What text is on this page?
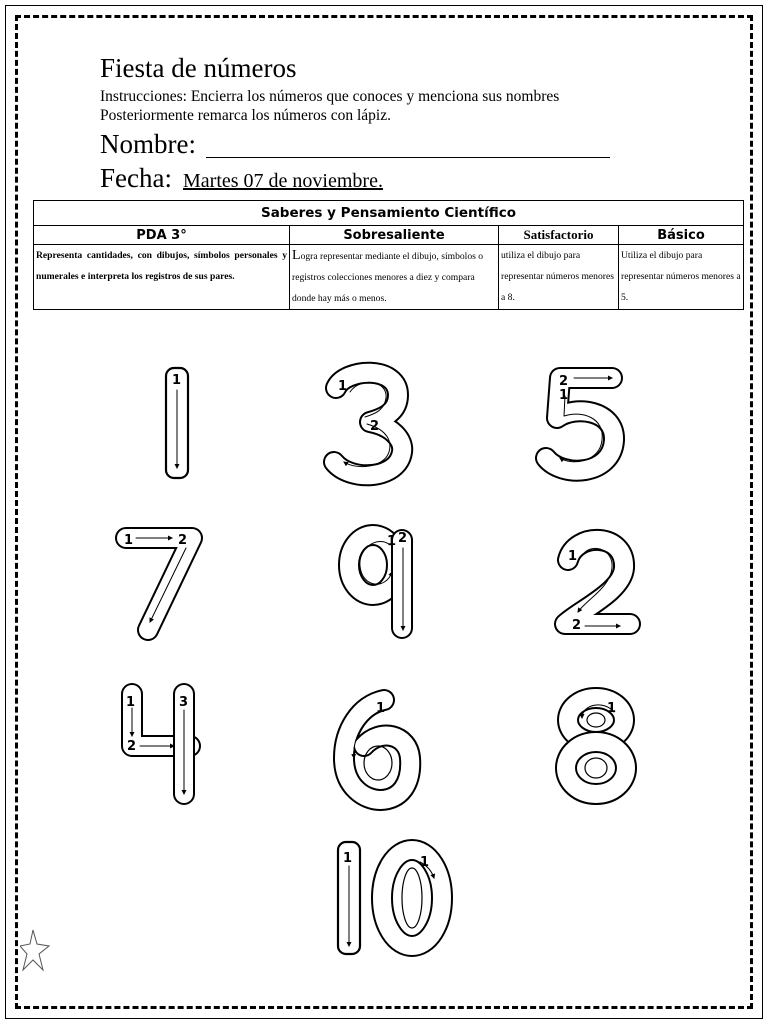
Fiesta de números
Instrucciones: Encierra los números que conoces y menciona sus nombres
Posteriormente remarca los números con lápiz.
Nombre:
Fecha: Martes 07 de noviembre.
Saberes y Pensamiento Científico			
PDA 3°	Sobresaliente	Satisfactorio	Básico
Representa cantidades, con dibujos, símbolos personales y numerales e interpreta los registros de sus pares.	Logra representar mediante el dibujo, símbolos o registros colecciones menores a diez y compara donde hay más o menos.	utiliza el dibujo para representar números menores a 8.	Utiliza el dibujo para representar números menores a 5.
1	1
2
2
1
1	2	1 2
1
2
1
2
3	1	1
1	1
